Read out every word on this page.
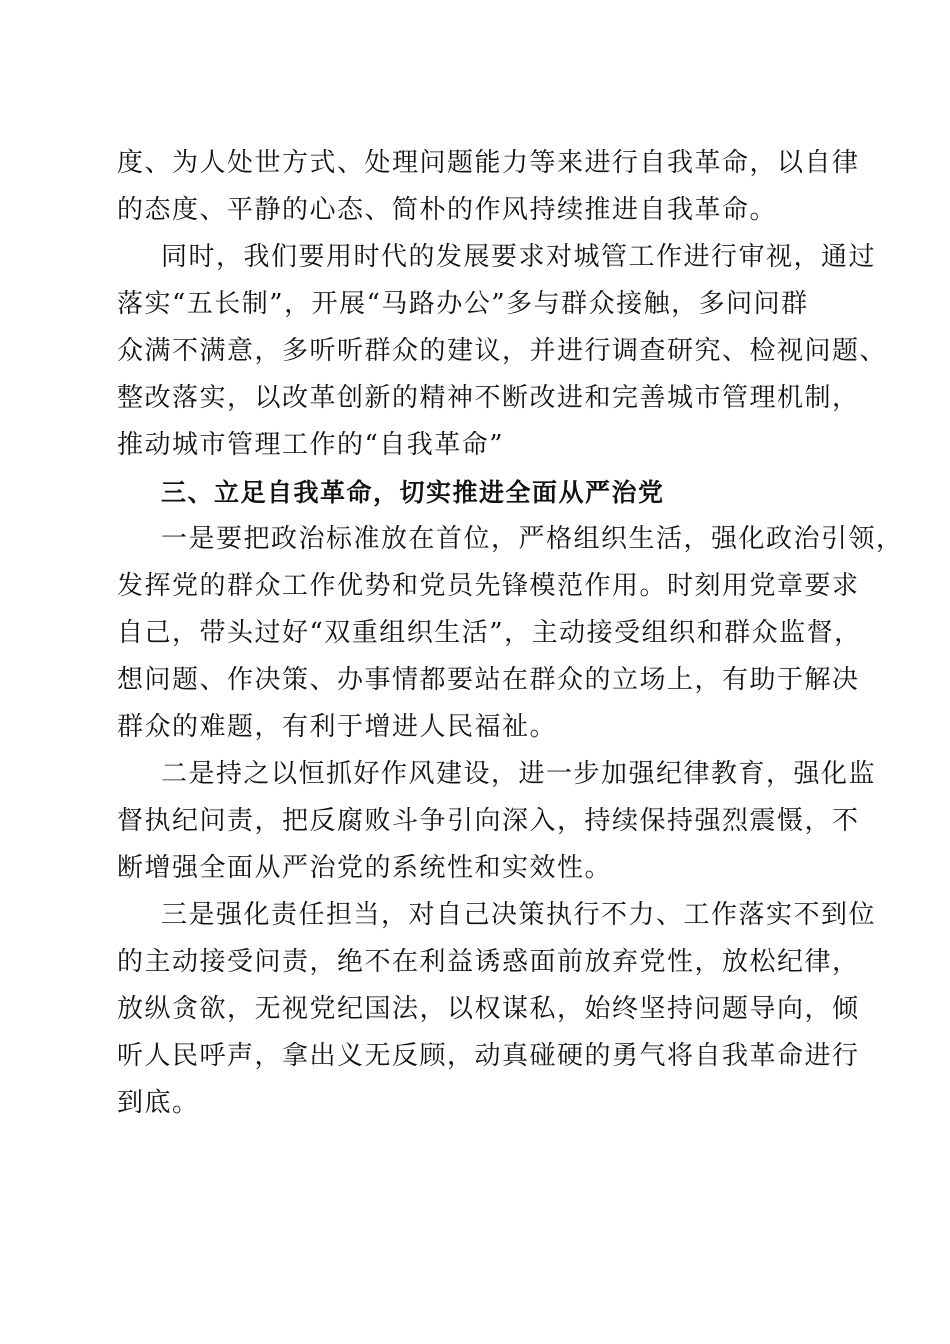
度、为人处世方式、处理问题能力等来进行自我革命，以自律
的态度、平静的心态、简朴的作风持续推进自我革命。
同时，我们要用时代的发展要求对城管工作进行审视，通过
落实“五长制”，开展“马路办公”多与群众接触，多问问群
众满不满意，多听听群众的建议，并进行调查研究、检视问题、
整改落实，以改革创新的精神不断改进和完善城市管理机制，
推动城市管理工作的“自我革命”
三、立足自我革命，切实推进全面从严治党
一是要把政治标准放在首位，严格组织生活，强化政治引领，
发挥党的群众工作优势和党员先锋模范作用。时刻用党章要求
自己，带头过好“双重组织生活”，主动接受组织和群众监督，
想问题、作决策、办事情都要站在群众的立场上，有助于解决
群众的难题，有利于增进人民福祉。
二是持之以恒抓好作风建设，进一步加强纪律教育，强化监
督执纪问责，把反腐败斗争引向深入，持续保持强烈震慑，不
断增强全面从严治党的系统性和实效性。
三是强化责任担当，对自己决策执行不力、工作落实不到位
的主动接受问责，绝不在利益诱惑面前放弃党性，放松纪律，
放纵贪欲，无视党纪国法，以权谋私，始终坚持问题导向，倾
听人民呼声，拿出义无反顾，动真碰硬的勇气将自我革命进行
到底。
